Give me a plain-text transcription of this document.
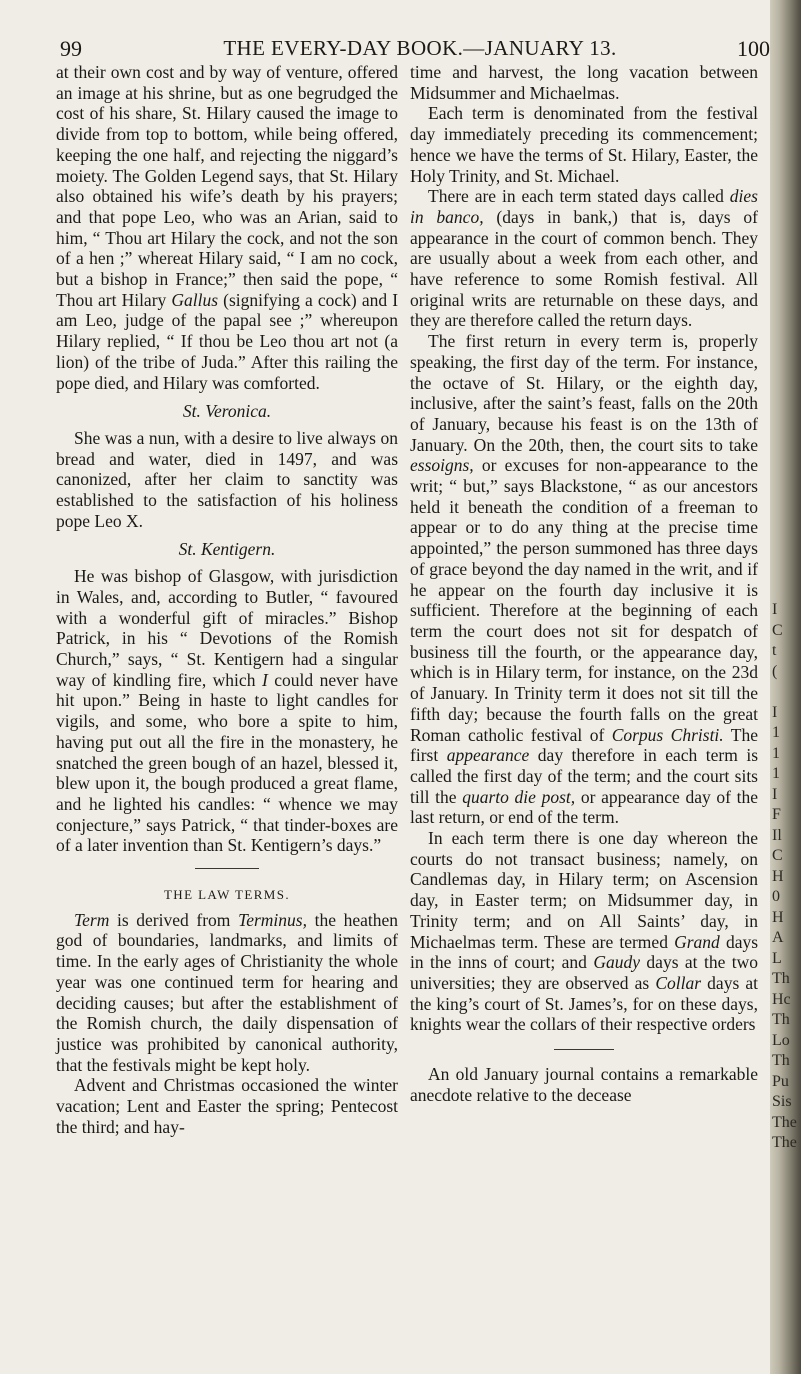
99	THE EVERY-DAY BOOK.—JANUARY 13.	100

at their own cost and by way of venture, offered an image at his shrine, but as one begrudged the cost of his share, St. Hilary caused the image to divide from top to bottom, while being offered, keeping the one half, and rejecting the niggard’s moiety. The Golden Legend says, that St. Hilary also obtained his wife’s death by his prayers; and that pope Leo, who was an Arian, said to him, “ Thou art Hilary the cock, and not the son of a hen ;” whereat Hilary said, “ I am no cock, but a bishop in France;” then said the pope, “ Thou art Hilary Gallus (signifying a cock) and I am Leo, judge of the papal see ;” whereupon Hilary replied, “ If thou be Leo thou art not (a lion) of the tribe of Juda.” After this railing the pope died, and Hilary was comforted.

St. Veronica.

She was a nun, with a desire to live always on bread and water, died in 1497, and was canonized, after her claim to sanctity was established to the satisfaction of his holiness pope Leo X.

St. Kentigern.

He was bishop of Glasgow, with jurisdiction in Wales, and, according to Butler, “ favoured with a wonderful gift of miracles.” Bishop Patrick, in his “ Devotions of the Romish Church,” says, “ St. Kentigern had a singular way of kindling fire, which I could never have hit upon.” Being in haste to light candles for vigils, and some, who bore a spite to him, having put out all the fire in the monastery, he snatched the green bough of an hazel, blessed it, blew upon it, the bough produced a great flame, and he lighted his candles: “ whence we may conjecture,” says Patrick, “ that tinder-boxes are of a later invention than St. Kentigern’s days.”

THE LAW TERMS.

Term is derived from Terminus, the heathen god of boundaries, landmarks, and limits of time. In the early ages of Christianity the whole year was one continued term for hearing and deciding causes; but after the establishment of the Romish church, the daily dispensation of justice was prohibited by canonical authority, that the festivals might be kept holy.

Advent and Christmas occasioned the winter vacation; Lent and Easter the spring; Pentecost the third; and hay-

time and harvest, the long vacation between Midsummer and Michaelmas.

Each term is denominated from the festival day immediately preceding its commencement; hence we have the terms of St. Hilary, Easter, the Holy Trinity, and St. Michael.

There are in each term stated days called dies in banco, (days in bank,) that is, days of appearance in the court of common bench. They are usually about a week from each other, and have reference to some Romish festival. All original writs are returnable on these days, and they are therefore called the return days.

The first return in every term is, properly speaking, the first day of the term. For instance, the octave of St. Hilary, or the eighth day, inclusive, after the saint’s feast, falls on the 20th of January, because his feast is on the 13th of January. On the 20th, then, the court sits to take essoigns, or excuses for non-appearance to the writ; “ but,” says Blackstone, “ as our ancestors held it beneath the condition of a freeman to appear or to do any thing at the precise time appointed,” the person summoned has three days of grace beyond the day named in the writ, and if he appear on the fourth day inclusive it is sufficient. Therefore at the beginning of each term the court does not sit for despatch of business till the fourth, or the appearance day, which is in Hilary term, for instance, on the 23d of January. In Trinity term it does not sit till the fifth day; because the fourth falls on the great Roman catholic festival of Corpus Christi. The first appearance day therefore in each term is called the first day of the term; and the court sits till the quarto die post, or appearance day of the last return, or end of the term.

In each term there is one day whereon the courts do not transact business; namely, on Candlemas day, in Hilary term; on Ascension day, in Easter term; on Midsummer day, in Trinity term; and on All Saints’ day, in Michaelmas term. These are termed Grand days in the inns of court; and Gaudy days at the two universities; they are observed as Collar days at the king’s court of St. James’s, for on these days, knights wear the collars of their respective orders

An old January journal contains a remarkable anecdote relative to the decease

I
C
t
(
I
1
1
1
I
F
Il
C
H
0
H
A
L
Th
Hc
Th
Lo
Th
Pu
Sis
The
The
